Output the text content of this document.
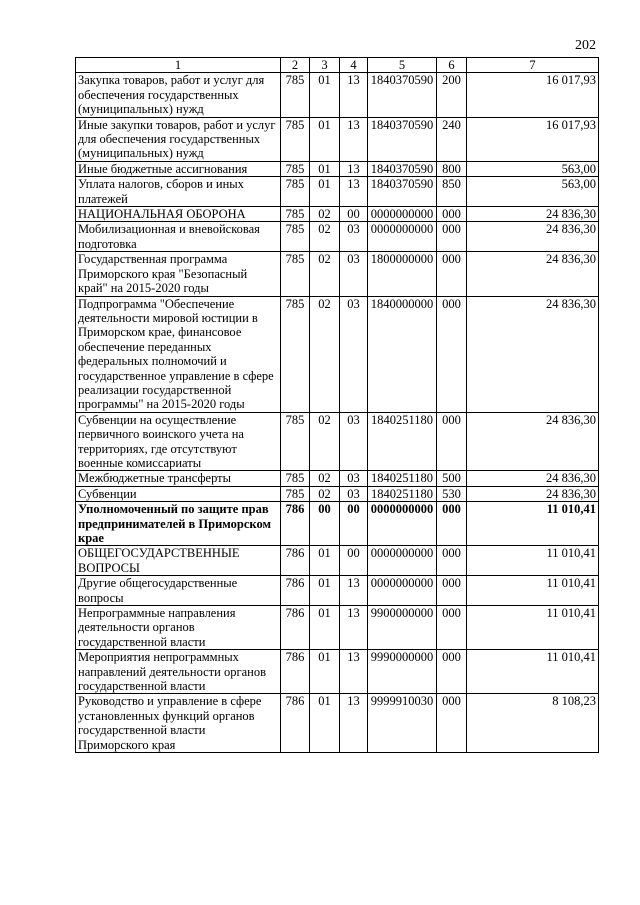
202
1	2	3	4	5	6	7
Закупка товаров, работ и услуг для обеспечения государственных (муниципальных) нужд	785	01	13	1840370590	200	16 017,93
Иные закупки товаров, работ и услуг для обеспечения государственных (муниципальных) нужд	785	01	13	1840370590	240	16 017,93
Иные бюджетные ассигнования	785	01	13	1840370590	800	563,00
Уплата налогов, сборов и иных платежей	785	01	13	1840370590	850	563,00
НАЦИОНАЛЬНАЯ ОБОРОНА	785	02	00	0000000000	000	24 836,30
Мобилизационная и вневойсковая подготовка	785	02	03	0000000000	000	24 836,30
Государственная программа Приморского края "Безопасный край" на 2015-2020 годы	785	02	03	1800000000	000	24 836,30
Подпрограмма "Обеспечение деятельности мировой юстиции в Приморском крае, финансовое обеспечение переданных федеральных полномочий и государственное управление в сфере реализации государственной программы" на 2015-2020 годы	785	02	03	1840000000	000	24 836,30
Субвенции на осуществление первичного воинского учета на территориях, где отсутствуют военные комиссариаты	785	02	03	1840251180	000	24 836,30
Межбюджетные трансферты	785	02	03	1840251180	500	24 836,30
Субвенции	785	02	03	1840251180	530	24 836,30
Уполномоченный по защите прав предпринимателей в Приморском крае	786	00	00	0000000000	000	11 010,41
ОБЩЕГОСУДАРСТВЕННЫЕ ВОПРОСЫ	786	01	00	0000000000	000	11 010,41
Другие общегосударственные вопросы	786	01	13	0000000000	000	11 010,41
Непрограммные направления деятельности органов государственной власти	786	01	13	9900000000	000	11 010,41
Мероприятия непрограммных направлений деятельности органов государственной власти	786	01	13	9990000000	000	11 010,41
Руководство и управление в сфере установленных функций органов государственной власти Приморского края	786	01	13	9999910030	000	8 108,23
